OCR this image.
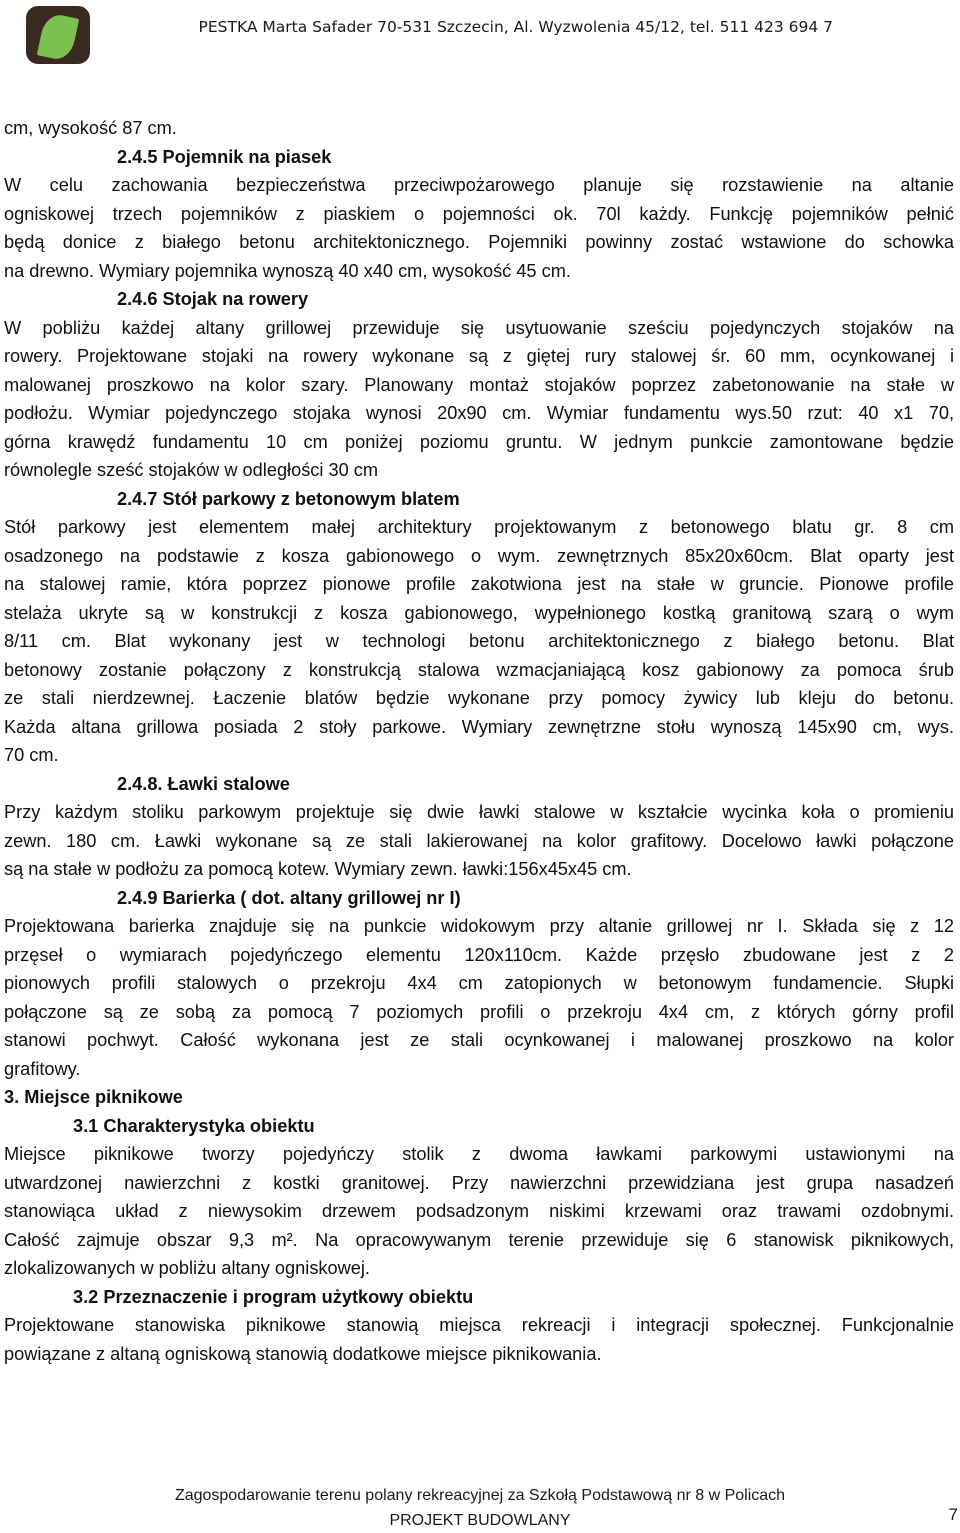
PESTKA Marta Safader 70-531 Szczecin, Al. Wyzwolenia 45/12, tel. 511 423 694 7
cm, wysokość 87 cm.
2.4.5 Pojemnik na piasek
W celu zachowania bezpieczeństwa przeciwpożarowego planuje się rozstawienie na altanie
ogniskowej trzech pojemników z piaskiem o pojemności ok. 70l każdy. Funkcję pojemników pełnić
będą donice z białego betonu architektonicznego. Pojemniki powinny zostać wstawione do schowka
na drewno. Wymiary pojemnika wynoszą 40 x40 cm, wysokość 45 cm.
2.4.6 Stojak na rowery
W pobliżu każdej altany grillowej przewiduje się usytuowanie sześciu pojedynczych stojaków na
rowery. Projektowane stojaki na rowery wykonane są z giętej rury stalowej śr. 60 mm, ocynkowanej i
malowanej proszkowo na kolor szary. Planowany montaż stojaków poprzez zabetonowanie na stałe w
podłożu. Wymiar pojedynczego stojaka wynosi 20x90 cm. Wymiar fundamentu wys.50 rzut: 40 x1 70,
górna krawędź fundamentu 10 cm poniżej poziomu gruntu. W jednym punkcie zamontowane będzie
równolegle sześć stojaków w odległości 30 cm
2.4.7 Stół parkowy z betonowym blatem
Stół parkowy jest elementem małej architektury projektowanym z betonowego blatu gr. 8 cm
osadzonego na podstawie z kosza gabionowego o wym. zewnętrznych 85x20x60cm. Blat oparty jest
na stalowej ramie, która poprzez pionowe profile zakotwiona jest na stałe w gruncie. Pionowe profile
stelaża ukryte są w konstrukcji z kosza gabionowego, wypełnionego kostką granitową szarą o wym
8/11 cm. Blat wykonany jest w technologi betonu architektonicznego z białego betonu. Blat
betonowy zostanie połączony z konstrukcją stalowa wzmacjaniającą kosz gabionowy za pomoca śrub
ze stali nierdzewnej. Łaczenie blatów będzie wykonane przy pomocy żywicy lub kleju do betonu.
Każda altana grillowa posiada 2 stoły parkowe. Wymiary zewnętrzne stołu wynoszą 145x90 cm, wys.
70 cm.
2.4.8. Ławki stalowe
Przy każdym stoliku parkowym projektuje się dwie ławki stalowe w kształcie wycinka koła o promieniu
zewn. 180 cm. Ławki wykonane są ze stali lakierowanej na kolor grafitowy. Docelowo ławki połączone
są na stałe w podłożu za pomocą kotew. Wymiary zewn. ławki:156x45x45 cm.
2.4.9 Barierka ( dot. altany grillowej nr I)
Projektowana barierka znajduje się na punkcie widokowym przy altanie grillowej nr I. Składa się z 12
przęseł o wymiarach pojedyńczego elementu 120x110cm. Każde przęsło zbudowane jest z 2
pionowych profili stalowych o przekroju 4x4 cm zatopionych w betonowym fundamencie. Słupki
połączone są ze sobą za pomocą 7 poziomych profili o przekroju 4x4 cm, z których górny profil
stanowi pochwyt. Całość wykonana jest ze stali ocynkowanej i malowanej proszkowo na kolor
grafitowy.
3. Miejsce piknikowe
3.1 Charakterystyka obiektu
Miejsce piknikowe tworzy pojedyńczy stolik z dwoma ławkami parkowymi ustawionymi na
utwardzonej nawierzchni z kostki granitowej. Przy nawierzchni przewidziana jest grupa nasadzeń
stanowiąca układ z niewysokim drzewem podsadzonym niskimi krzewami oraz trawami ozdobnymi.
Całość zajmuje obszar 9,3 m². Na opracowywanym terenie przewiduje się 6 stanowisk piknikowych,
zlokalizowanych w pobliżu altany ogniskowej.
3.2 Przeznaczenie i program użytkowy obiektu
Projektowane stanowiska piknikowe stanowią miejsca rekreacji i integracji społecznej. Funkcjonalnie
powiązane z altaną ogniskową stanowią dodatkowe miejsce piknikowania.
Zagospodarowanie terenu polany rekreacyjnej za Szkołą Podstawową nr 8 w Policach
PROJEKT BUDOWLANY	7
